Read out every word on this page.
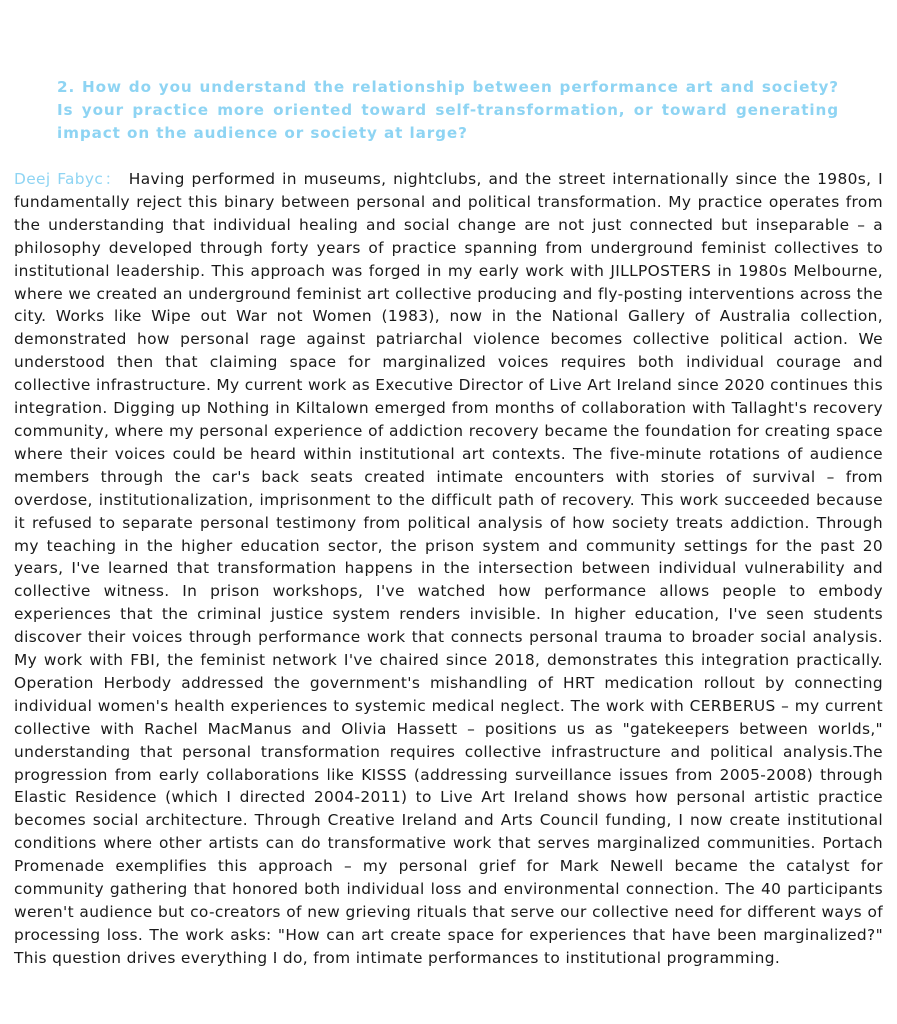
2. How do you understand the relationship between performance art and society? Is your practice more oriented toward self-transformation, or toward generating impact on the audience or society at large?

Deej Fabyc： Having performed in museums, nightclubs, and the street internationally since the 1980s, I fundamentally reject this binary between personal and political transformation. My practice operates from the understanding that individual healing and social change are not just connected but inseparable – a philosophy developed through forty years of practice spanning from underground feminist collectives to institutional leadership. This approach was forged in my early work with JILLPOSTERS in 1980s Melbourne, where we created an underground feminist art collective producing and fly-posting interventions across the city. Works like Wipe out War not Women (1983), now in the National Gallery of Australia collection, demonstrated how personal rage against patriarchal violence becomes collective political action. We understood then that claiming space for marginalized voices requires both individual courage and collective infrastructure. My current work as Executive Director of Live Art Ireland since 2020 continues this integration. Digging up Nothing in Kiltalown emerged from months of collaboration with Tallaght's recovery community, where my personal experience of addiction recovery became the foundation for creating space where their voices could be heard within institutional art contexts. The five-minute rotations of audience members through the car's back seats created intimate encounters with stories of survival – from overdose, institutionalization, imprisonment to the difficult path of recovery. This work succeeded because it refused to separate personal testimony from political analysis of how society treats addiction. Through my teaching in the higher education sector, the prison system and community settings for the past 20 years, I've learned that transformation happens in the intersection between individual vulnerability and collective witness. In prison workshops, I've watched how performance allows people to embody experiences that the criminal justice system renders invisible. In higher education, I've seen students discover their voices through performance work that connects personal trauma to broader social analysis. My work with FBI, the feminist network I've chaired since 2018, demonstrates this integration practically. Operation Herbody addressed the government's mishandling of HRT medication rollout by connecting individual women's health experiences to systemic medical neglect. The work with CERBERUS – my current collective with Rachel MacManus and Olivia Hassett – positions us as "gatekeepers between worlds," understanding that personal transformation requires collective infrastructure and political analysis.The progression from early collaborations like KISSS (addressing surveillance issues from 2005-2008) through Elastic Residence (which I directed 2004-2011) to Live Art Ireland shows how personal artistic practice becomes social architecture. Through Creative Ireland and Arts Council funding, I now create institutional conditions where other artists can do transformative work that serves marginalized communities. Portach Promenade exemplifies this approach – my personal grief for Mark Newell became the catalyst for community gathering that honored both individual loss and environmental connection. The 40 participants weren't audience but co-creators of new grieving rituals that serve our collective need for different ways of processing loss. The work asks: "How can art create space for experiences that have been marginalized?" This question drives everything I do, from intimate performances to institutional programming.
